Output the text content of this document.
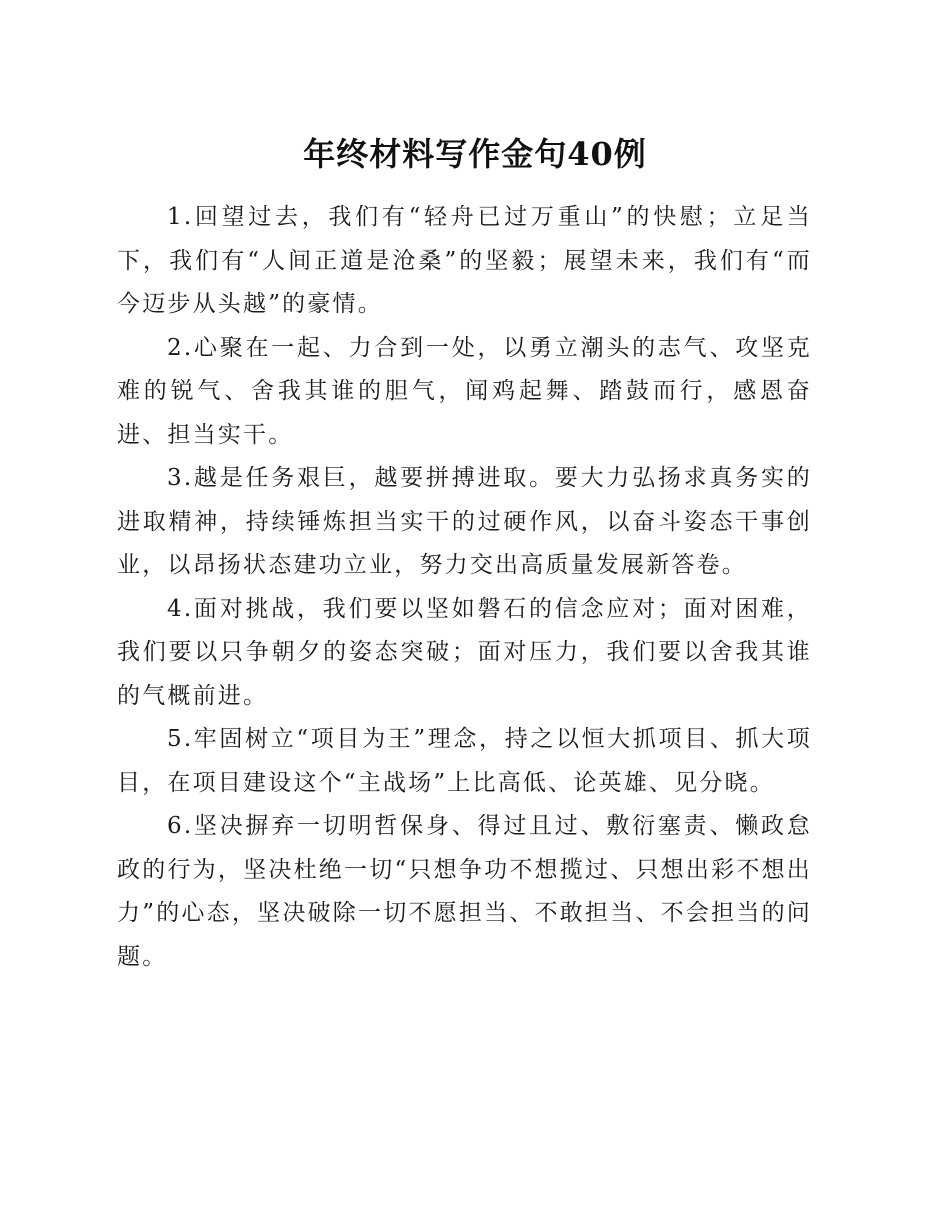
年终材料写作金句40例

1.回望过去，我们有“轻舟已过万重山”的快慰；立足当下，我们有“人间正道是沧桑”的坚毅；展望未来，我们有“而今迈步从头越”的豪情。

2.心聚在一起、力合到一处，以勇立潮头的志气、攻坚克难的锐气、舍我其谁的胆气，闻鸡起舞、踏鼓而行，感恩奋进、担当实干。

3.越是任务艰巨，越要拼搏进取。要大力弘扬求真务实的进取精神，持续锤炼担当实干的过硬作风，以奋斗姿态干事创业，以昂扬状态建功立业，努力交出高质量发展新答卷。

4.面对挑战，我们要以坚如磐石的信念应对；面对困难，我们要以只争朝夕的姿态突破；面对压力，我们要以舍我其谁的气概前进。

5.牢固树立“项目为王”理念，持之以恒大抓项目、抓大项目，在项目建设这个“主战场”上比高低、论英雄、见分晓。

6.坚决摒弃一切明哲保身、得过且过、敷衍塞责、懒政怠政的行为，坚决杜绝一切“只想争功不想揽过、只想出彩不想出力”的心态，坚决破除一切不愿担当、不敢担当、不会担当的问题。
